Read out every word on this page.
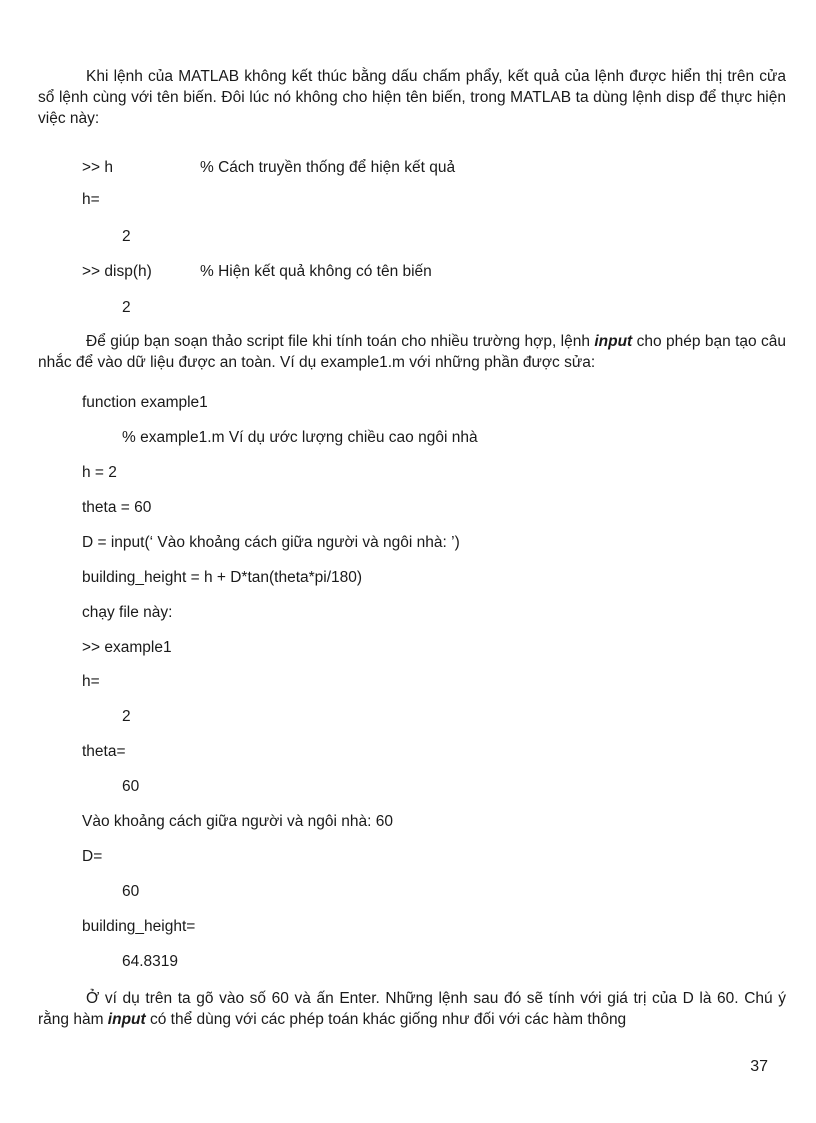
Khi lệnh của MATLAB không kết thúc bằng dấu chấm phẩy, kết quả của lệnh được hiển thị trên cửa sổ lệnh cùng với tên biến. Đôi lúc nó không cho hiện tên biến, trong MATLAB ta dùng lệnh disp để thực hiện việc này:
>> h	% Cách truyền thống để hiện kết quả
h=
2
>> disp(h)	% Hiện kết quả không có tên biến
2
Để giúp bạn soạn thảo script file khi tính toán cho nhiều trường hợp, lệnh input cho phép bạn tạo câu nhắc để vào dữ liệu được an toàn. Ví dụ example1.m với những phần được sửa:
function example1
% example1.m Ví dụ ước lượng chiều cao ngôi nhà
h = 2
theta = 60
D = input(‘ Vào khoảng cách giữa người và ngôi nhà: ’)
building_height = h + D*tan(theta*pi/180)
chạy file này:
>> example1
h=
2
theta=
60
Vào khoảng cách giữa người và ngôi nhà: 60
D=
60
building_height=
64.8319
Ở ví dụ trên ta gõ vào số 60 và ấn Enter. Những lệnh sau đó sẽ tính với giá trị của D là 60. Chú ý rằng hàm input có thể dùng với các phép toán khác giống như đối với các hàm thông
37
